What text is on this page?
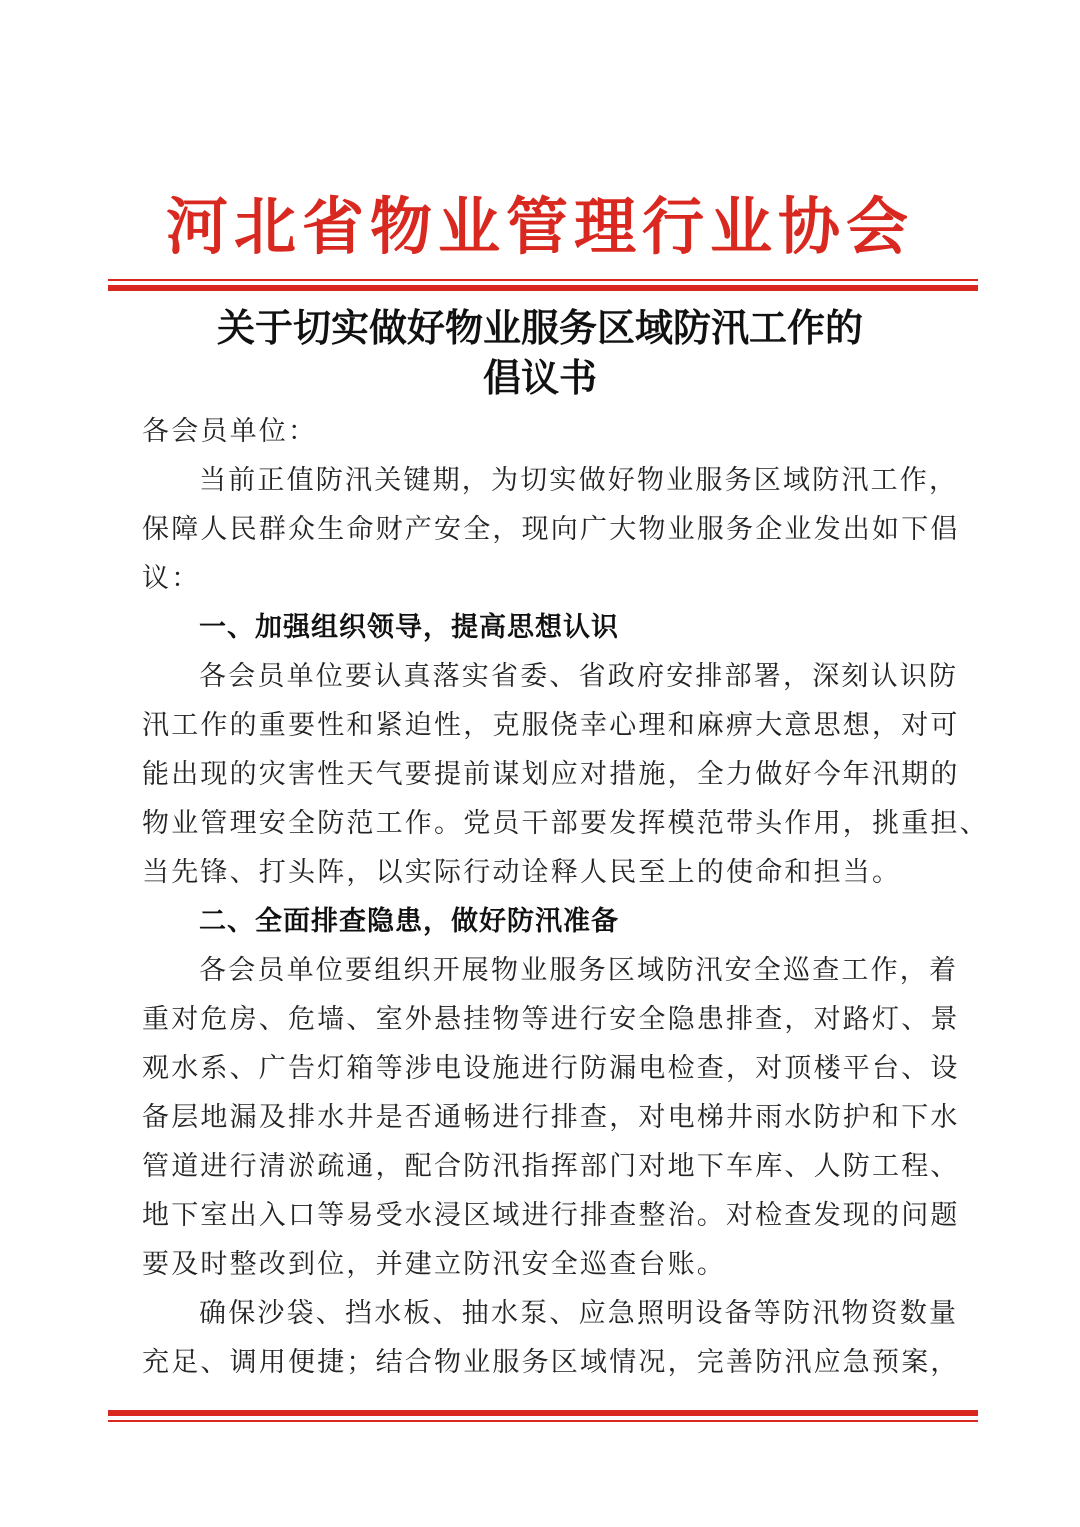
河北省物业管理行业协会
关于切实做好物业服务区域防汛工作的
倡议书
各会员单位：
当前正值防汛关键期，为切实做好物业服务区域防汛工作，
保障人民群众生命财产安全，现向广大物业服务企业发出如下倡
议：
一、加强组织领导，提高思想认识
各会员单位要认真落实省委、省政府安排部署，深刻认识防
汛工作的重要性和紧迫性，克服侥幸心理和麻痹大意思想，对可
能出现的灾害性天气要提前谋划应对措施，全力做好今年汛期的
物业管理安全防范工作。党员干部要发挥模范带头作用，挑重担、
当先锋、打头阵，以实际行动诠释人民至上的使命和担当。
二、全面排查隐患，做好防汛准备
各会员单位要组织开展物业服务区域防汛安全巡查工作，着
重对危房、危墙、室外悬挂物等进行安全隐患排查，对路灯、景
观水系、广告灯箱等涉电设施进行防漏电检查，对顶楼平台、设
备层地漏及排水井是否通畅进行排查，对电梯井雨水防护和下水
管道进行清淤疏通，配合防汛指挥部门对地下车库、人防工程、
地下室出入口等易受水浸区域进行排查整治。对检查发现的问题
要及时整改到位，并建立防汛安全巡查台账。
确保沙袋、挡水板、抽水泵、应急照明设备等防汛物资数量
充足、调用便捷；结合物业服务区域情况，完善防汛应急预案，
